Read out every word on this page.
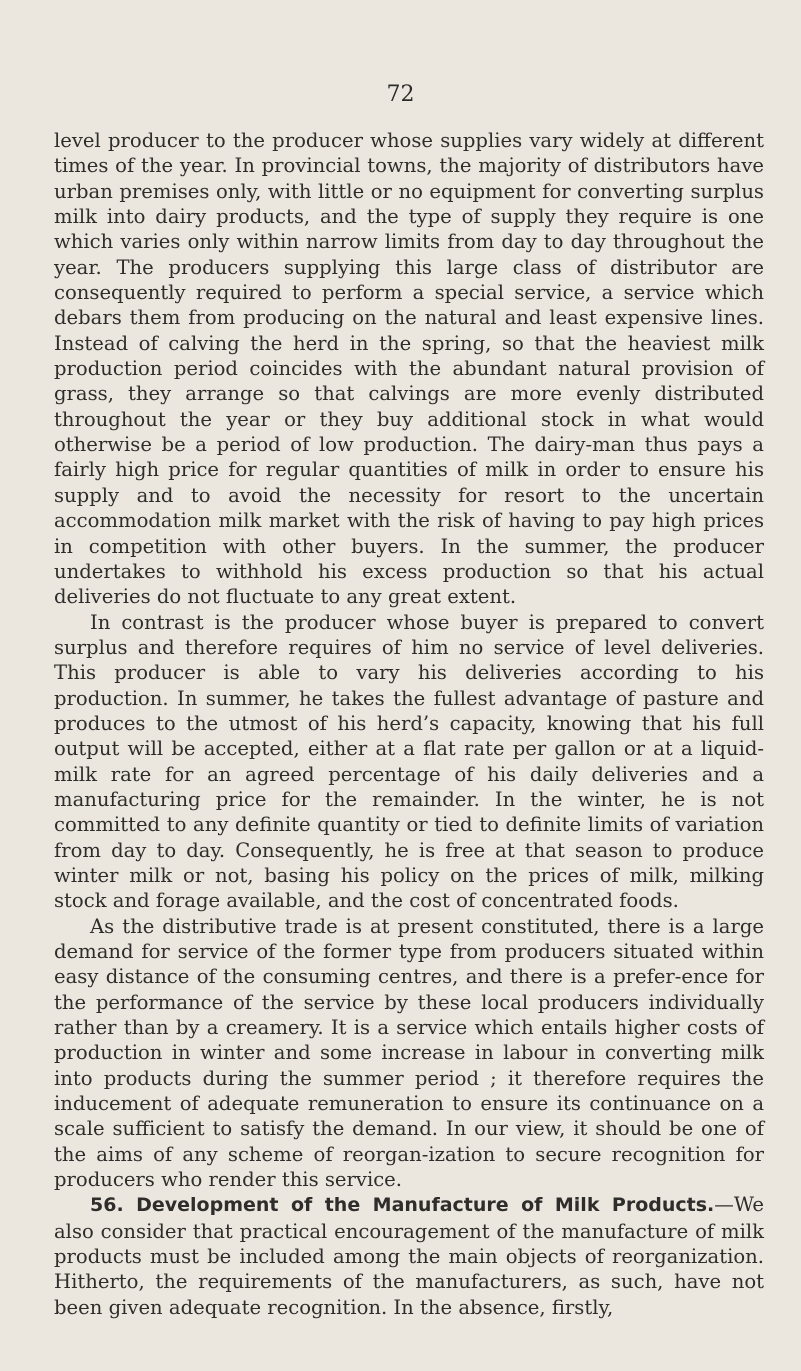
72

level producer to the producer whose supplies vary widely at different times of the year. In provincial towns, the majority of distributors have urban premises only, with little or no equipment for converting surplus milk into dairy products, and the type of supply they require is one which varies only within narrow limits from day to day throughout the year. The producers supplying this large class of distributor are consequently required to perform a special service, a service which debars them from producing on the natural and least expensive lines. Instead of calving the herd in the spring, so that the heaviest milk production period coincides with the abundant natural provision of grass, they arrange so that calvings are more evenly distributed throughout the year or they buy additional stock in what would otherwise be a period of low production. The dairy-man thus pays a fairly high price for regular quantities of milk in order to ensure his supply and to avoid the necessity for resort to the uncertain accommodation milk market with the risk of having to pay high prices in competition with other buyers. In the summer, the producer undertakes to withhold his excess production so that his actual deliveries do not fluctuate to any great extent.

In contrast is the producer whose buyer is prepared to convert surplus and therefore requires of him no service of level deliveries. This producer is able to vary his deliveries according to his production. In summer, he takes the fullest advantage of pasture and produces to the utmost of his herd’s capacity, knowing that his full output will be accepted, either at a flat rate per gallon or at a liquid-milk rate for an agreed percentage of his daily deliveries and a manufacturing price for the remainder. In the winter, he is not committed to any definite quantity or tied to definite limits of variation from day to day. Consequently, he is free at that season to produce winter milk or not, basing his policy on the prices of milk, milking stock and forage available, and the cost of concentrated foods.

As the distributive trade is at present constituted, there is a large demand for service of the former type from producers situated within easy distance of the consuming centres, and there is a prefer-ence for the performance of the service by these local producers individually rather than by a creamery. It is a service which entails higher costs of production in winter and some increase in labour in converting milk into products during the summer period ; it therefore requires the inducement of adequate remuneration to ensure its continuance on a scale sufficient to satisfy the demand. In our view, it should be one of the aims of any scheme of reorgan-ization to secure recognition for producers who render this service.

56. Development of the Manufacture of Milk Products.—We also consider that practical encouragement of the manufacture of milk products must be included among the main objects of reorganization. Hitherto, the requirements of the manufacturers, as such, have not been given adequate recognition. In the absence, firstly,
